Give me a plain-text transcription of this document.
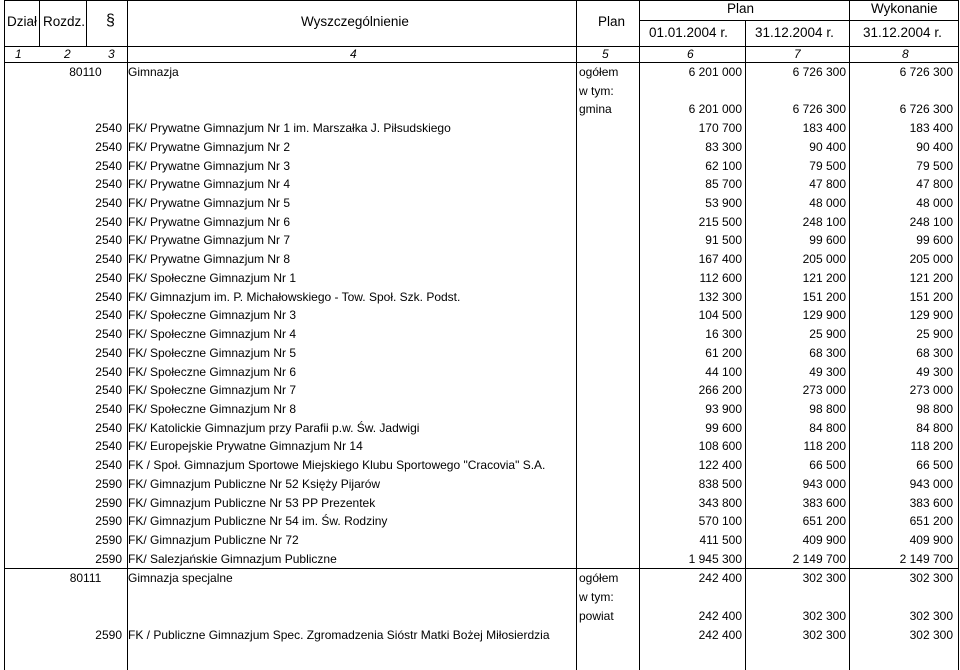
Dział Rozdz. §	Wyszczególnienie	Plan
Plan	Wykonanie
01.01.2004 r. 31.12.2004 r. 31.12.2004 r.
1	2	3	4	5	6	7	8
80110	Gimnazja	ogółem	6 201 000	6 726 300	6 726 300
w tym:
gmina	6 201 000	6 726 300	6 726 300
2540 FK/ Prywatne Gimnazjum Nr 1 im. Marszałka J. Piłsudskiego	170 700	183 400	183 400
2540 FK/ Prywatne Gimnazjum Nr 2	83 300	90 400	90 400
2540 FK/ Prywatne Gimnazjum Nr 3	62 100	79 500	79 500
2540 FK/ Prywatne Gimnazjum Nr 4	85 700	47 800	47 800
2540 FK/ Prywatne Gimnazjum Nr 5	53 900	48 000	48 000
2540 FK/ Prywatne Gimnazjum Nr 6	215 500	248 100	248 100
2540 FK/ Prywatne Gimnazjum Nr 7	91 500	99 600	99 600
2540 FK/ Prywatne Gimnazjum Nr 8	167 400	205 000	205 000
2540 FK/ Społeczne Gimnazjum Nr 1	112 600	121 200	121 200
2540 FK/ Gimnazjum im. P. Michałowskiego - Tow. Społ. Szk. Podst.	132 300	151 200	151 200
2540 FK/ Społeczne Gimnazjum Nr 3	104 500	129 900	129 900
2540 FK/ Społeczne Gimnazjum Nr 4	16 300	25 900	25 900
2540 FK/ Społeczne Gimnazjum Nr 5	61 200	68 300	68 300
2540 FK/ Społeczne Gimnazjum Nr 6	44 100	49 300	49 300
2540 FK/ Społeczne Gimnazjum Nr 7	266 200	273 000	273 000
2540 FK/ Społeczne Gimnazjum Nr 8	93 900	98 800	98 800
2540 FK/ Katolickie Gimnazjum przy Parafii p.w. Św. Jadwigi	99 600	84 800	84 800
2540 FK/ Europejskie Prywatne Gimnazjum Nr 14	108 600	118 200	118 200
2540 FK / Społ. Gimnazjum Sportowe Miejskiego Klubu Sportowego "Cracovia" S.A.	122 400	66 500	66 500
2590 FK/ Gimnazjum Publiczne Nr 52 Księży Pijarów	838 500	943 000	943 000
2590 FK/ Gimnazjum Publiczne Nr 53 PP Prezentek	343 800	383 600	383 600
2590 FK/ Gimnazjum Publiczne Nr 54 im. Św. Rodziny	570 100	651 200	651 200
2590 FK/ Gimnazjum Publiczne Nr 72	411 500	409 900	409 900
2590 FK/ Salezjańskie Gimnazjum Publiczne	1 945 300	2 149 700	2 149 700
80111	Gimnazja specjalne	ogółem	242 400	302 300	302 300
w tym:
powiat	242 400	302 300	302 300
2590 FK / Publiczne Gimnazjum Spec. Zgromadzenia Sióstr Matki Bożej Miłosierdzia	242 400	302 300	302 300
